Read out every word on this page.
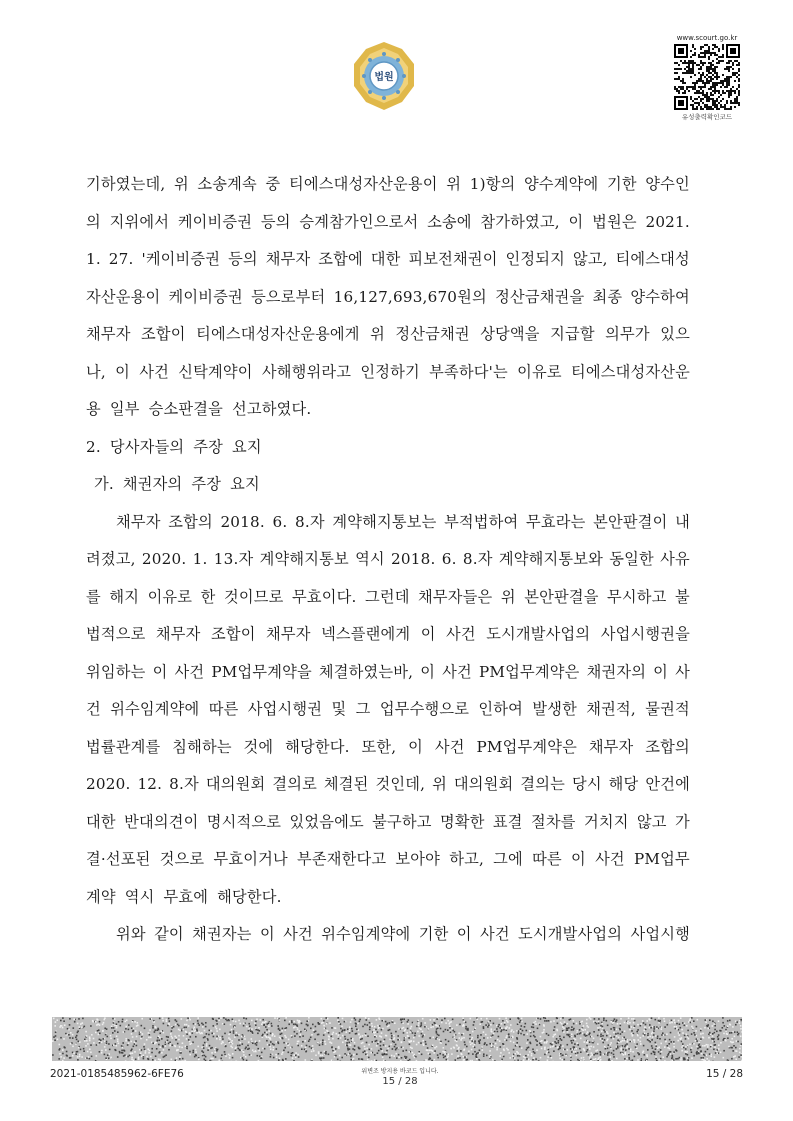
법원
www.scourt.go.kr
유성출력확인코드
기하였는데, 위 소송계속 중 티에스대성자산운용이 위 1)항의 양수계약에 기한 양수인
의 지위에서 케이비증권 등의 승계참가인으로서 소송에 참가하였고, 이 법원은 2021.
1. 27. '케이비증권 등의 채무자 조합에 대한 피보전채권이 인정되지 않고, 티에스대성
자산운용이 케이비증권 등으로부터 16,127,693,670원의 정산금채권을 최종 양수하여
채무자 조합이 티에스대성자산운용에게 위 정산금채권 상당액을 지급할 의무가 있으
나, 이 사건 신탁계약이 사해행위라고 인정하기 부족하다'는 이유로 티에스대성자산운
용 일부 승소판결을 선고하였다.
2. 당사자들의 주장 요지
가. 채권자의 주장 요지
채무자 조합의 2018. 6. 8.자 계약해지통보는 부적법하여 무효라는 본안판결이 내
려졌고, 2020. 1. 13.자 계약해지통보 역시 2018. 6. 8.자 계약해지통보와 동일한 사유
를 해지 이유로 한 것이므로 무효이다. 그런데 채무자들은 위 본안판결을 무시하고 불
법적으로 채무자 조합이 채무자 넥스플랜에게 이 사건 도시개발사업의 사업시행권을
위임하는 이 사건 PM업무계약을 체결하였는바, 이 사건 PM업무계약은 채권자의 이 사
건 위수임계약에 따른 사업시행권 및 그 업무수행으로 인하여 발생한 채권적, 물권적
법률관계를 침해하는 것에 해당한다. 또한, 이 사건 PM업무계약은 채무자 조합의
2020. 12. 8.자 대의원회 결의로 체결된 것인데, 위 대의원회 결의는 당시 해당 안건에
대한 반대의견이 명시적으로 있었음에도 불구하고 명확한 표결 절차를 거치지 않고 가
결·선포된 것으로 무효이거나 부존재한다고 보아야 하고, 그에 따른 이 사건 PM업무
계약 역시 무효에 해당한다.
위와 같이 채권자는 이 사건 위수임계약에 기한 이 사건 도시개발사업의 사업시행
2021-0185485962-6FE76	위변조 방지용 바코드 입니다.
15 / 28
15 / 28
